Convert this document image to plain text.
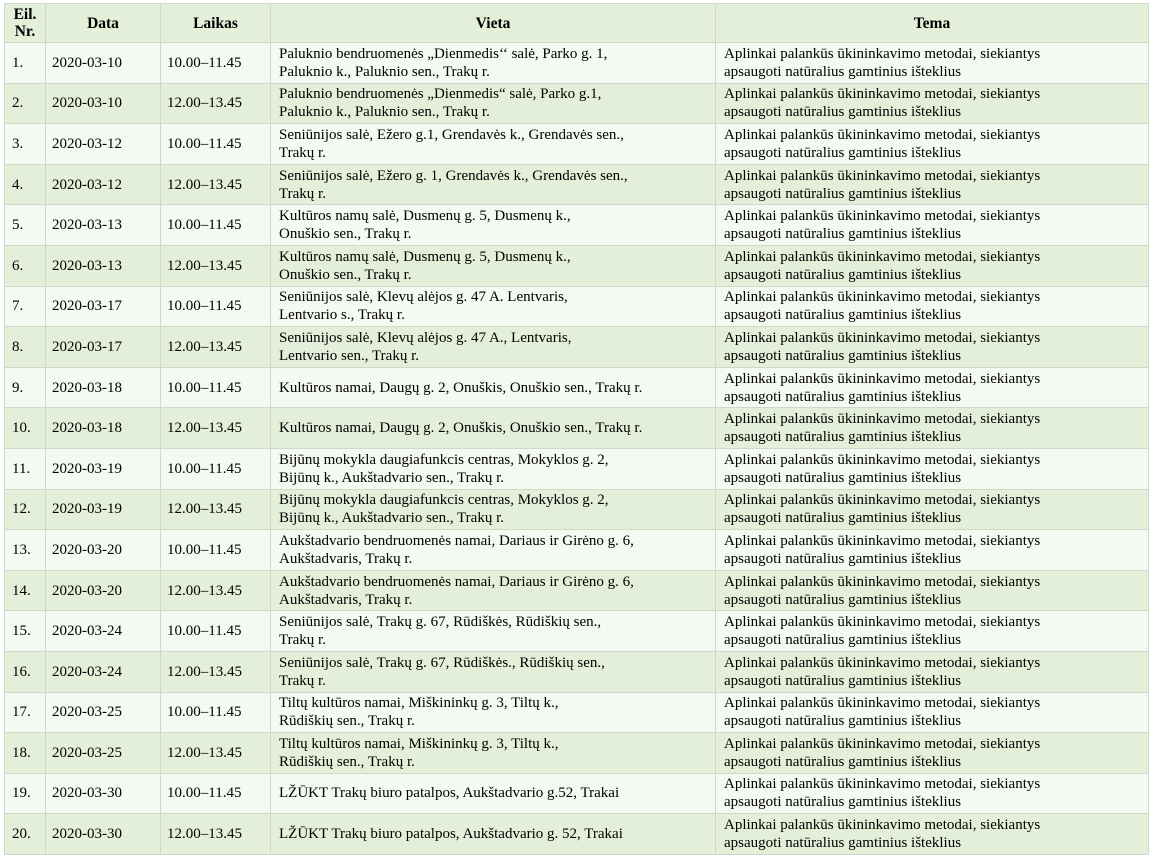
Eil.
Nr.	Data	Laikas	Vieta	Tema
1.	2020-03-10	10.00–11.45	Paluknio bendruomenės „Dienmedis‘‘ salė, Parko g. 1,
Paluknio k., Paluknio sen., Trakų r.	Aplinkai palankūs ūkininkavimo metodai, siekiantys
apsaugoti natūralius gamtinius išteklius

2.	2020-03-10	12.00–13.45	Paluknio bendruomenės „Dienmedis“ salė, Parko g.1,
Paluknio k., Paluknio sen., Trakų r.	Aplinkai palankūs ūkininkavimo metodai, siekiantys
apsaugoti natūralius gamtinius išteklius

3.	2020-03-12	10.00–11.45	Seniūnijos salė, Ežero g.1, Grendavės k., Grendavės sen.,
Trakų r.	Aplinkai palankūs ūkininkavimo metodai, siekiantys
apsaugoti natūralius gamtinius išteklius

4.	2020-03-12	12.00–13.45	Seniūnijos salė, Ežero g. 1, Grendavės k., Grendavės sen.,
Trakų r.	Aplinkai palankūs ūkininkavimo metodai, siekiantys
apsaugoti natūralius gamtinius išteklius

5.	2020-03-13	10.00–11.45	Kultūros namų salė, Dusmenų g. 5, Dusmenų k.,
Onuškio sen., Trakų r.	Aplinkai palankūs ūkininkavimo metodai, siekiantys
apsaugoti natūralius gamtinius išteklius

6.	2020-03-13	12.00–13.45	Kultūros namų salė, Dusmenų g. 5, Dusmenų k.,
Onuškio sen., Trakų r.	Aplinkai palankūs ūkininkavimo metodai, siekiantys
apsaugoti natūralius gamtinius išteklius

7.	2020-03-17	10.00–11.45	Seniūnijos salė, Klevų alėjos g. 47 A. Lentvaris,
Lentvario s., Trakų r.	Aplinkai palankūs ūkininkavimo metodai, siekiantys
apsaugoti natūralius gamtinius išteklius

8.	2020-03-17	12.00–13.45	Seniūnijos salė, Klevų alėjos g. 47 A., Lentvaris,
Lentvario sen., Trakų r.	Aplinkai palankūs ūkininkavimo metodai, siekiantys
apsaugoti natūralius gamtinius išteklius

9.	2020-03-18	10.00–11.45	Kultūros namai, Daugų g. 2, Onuškis, Onuškio sen., Trakų r.	Aplinkai palankūs ūkininkavimo metodai, siekiantys
apsaugoti natūralius gamtinius išteklius

10.	2020-03-18	12.00–13.45	Kultūros namai, Daugų g. 2, Onuškis, Onuškio sen., Trakų r.	Aplinkai palankūs ūkininkavimo metodai, siekiantys
apsaugoti natūralius gamtinius išteklius

11.	2020-03-19	10.00–11.45	Bijūnų mokykla daugiafunkcis centras, Mokyklos g. 2,
Bijūnų k., Aukštadvario sen., Trakų r.	Aplinkai palankūs ūkininkavimo metodai, siekiantys
apsaugoti natūralius gamtinius išteklius

12.	2020-03-19	12.00–13.45	Bijūnų mokykla daugiafunkcis centras, Mokyklos g. 2,
Bijūnų k., Aukštadvario sen., Trakų r.	Aplinkai palankūs ūkininkavimo metodai, siekiantys
apsaugoti natūralius gamtinius išteklius

13.	2020-03-20	10.00–11.45	Aukštadvario bendruomenės namai, Dariaus ir Girėno g. 6,
Aukštadvaris, Trakų r.	Aplinkai palankūs ūkininkavimo metodai, siekiantys
apsaugoti natūralius gamtinius išteklius

14.	2020-03-20	12.00–13.45	Aukštadvario bendruomenės namai, Dariaus ir Girėno g. 6,
Aukštadvaris, Trakų r.	Aplinkai palankūs ūkininkavimo metodai, siekiantys
apsaugoti natūralius gamtinius išteklius

15.	2020-03-24	10.00–11.45	Seniūnijos salė, Trakų g. 67, Rūdiškės, Rūdiškių sen.,
Trakų r.	Aplinkai palankūs ūkininkavimo metodai, siekiantys
apsaugoti natūralius gamtinius išteklius

16.	2020-03-24	12.00–13.45	Seniūnijos salė, Trakų g. 67, Rūdiškės., Rūdiškių sen.,
Trakų r.	Aplinkai palankūs ūkininkavimo metodai, siekiantys
apsaugoti natūralius gamtinius išteklius

17.	2020-03-25	10.00–11.45	Tiltų kultūros namai, Miškininkų g. 3, Tiltų k.,
Rūdiškių sen., Trakų r.	Aplinkai palankūs ūkininkavimo metodai, siekiantys
apsaugoti natūralius gamtinius išteklius

18.	2020-03-25	12.00–13.45	Tiltų kultūros namai, Miškininkų g. 3, Tiltų k.,
Rūdiškių sen., Trakų r.	Aplinkai palankūs ūkininkavimo metodai, siekiantys
apsaugoti natūralius gamtinius išteklius

19.	2020-03-30	10.00–11.45	LŽŪKT Trakų biuro patalpos, Aukštadvario g.52, Trakai	Aplinkai palankūs ūkininkavimo metodai, siekiantys
apsaugoti natūralius gamtinius išteklius

20.	2020-03-30	12.00–13.45	LŽŪKT Trakų biuro patalpos, Aukštadvario g. 52, Trakai	Aplinkai palankūs ūkininkavimo metodai, siekiantys
apsaugoti natūralius gamtinius išteklius
